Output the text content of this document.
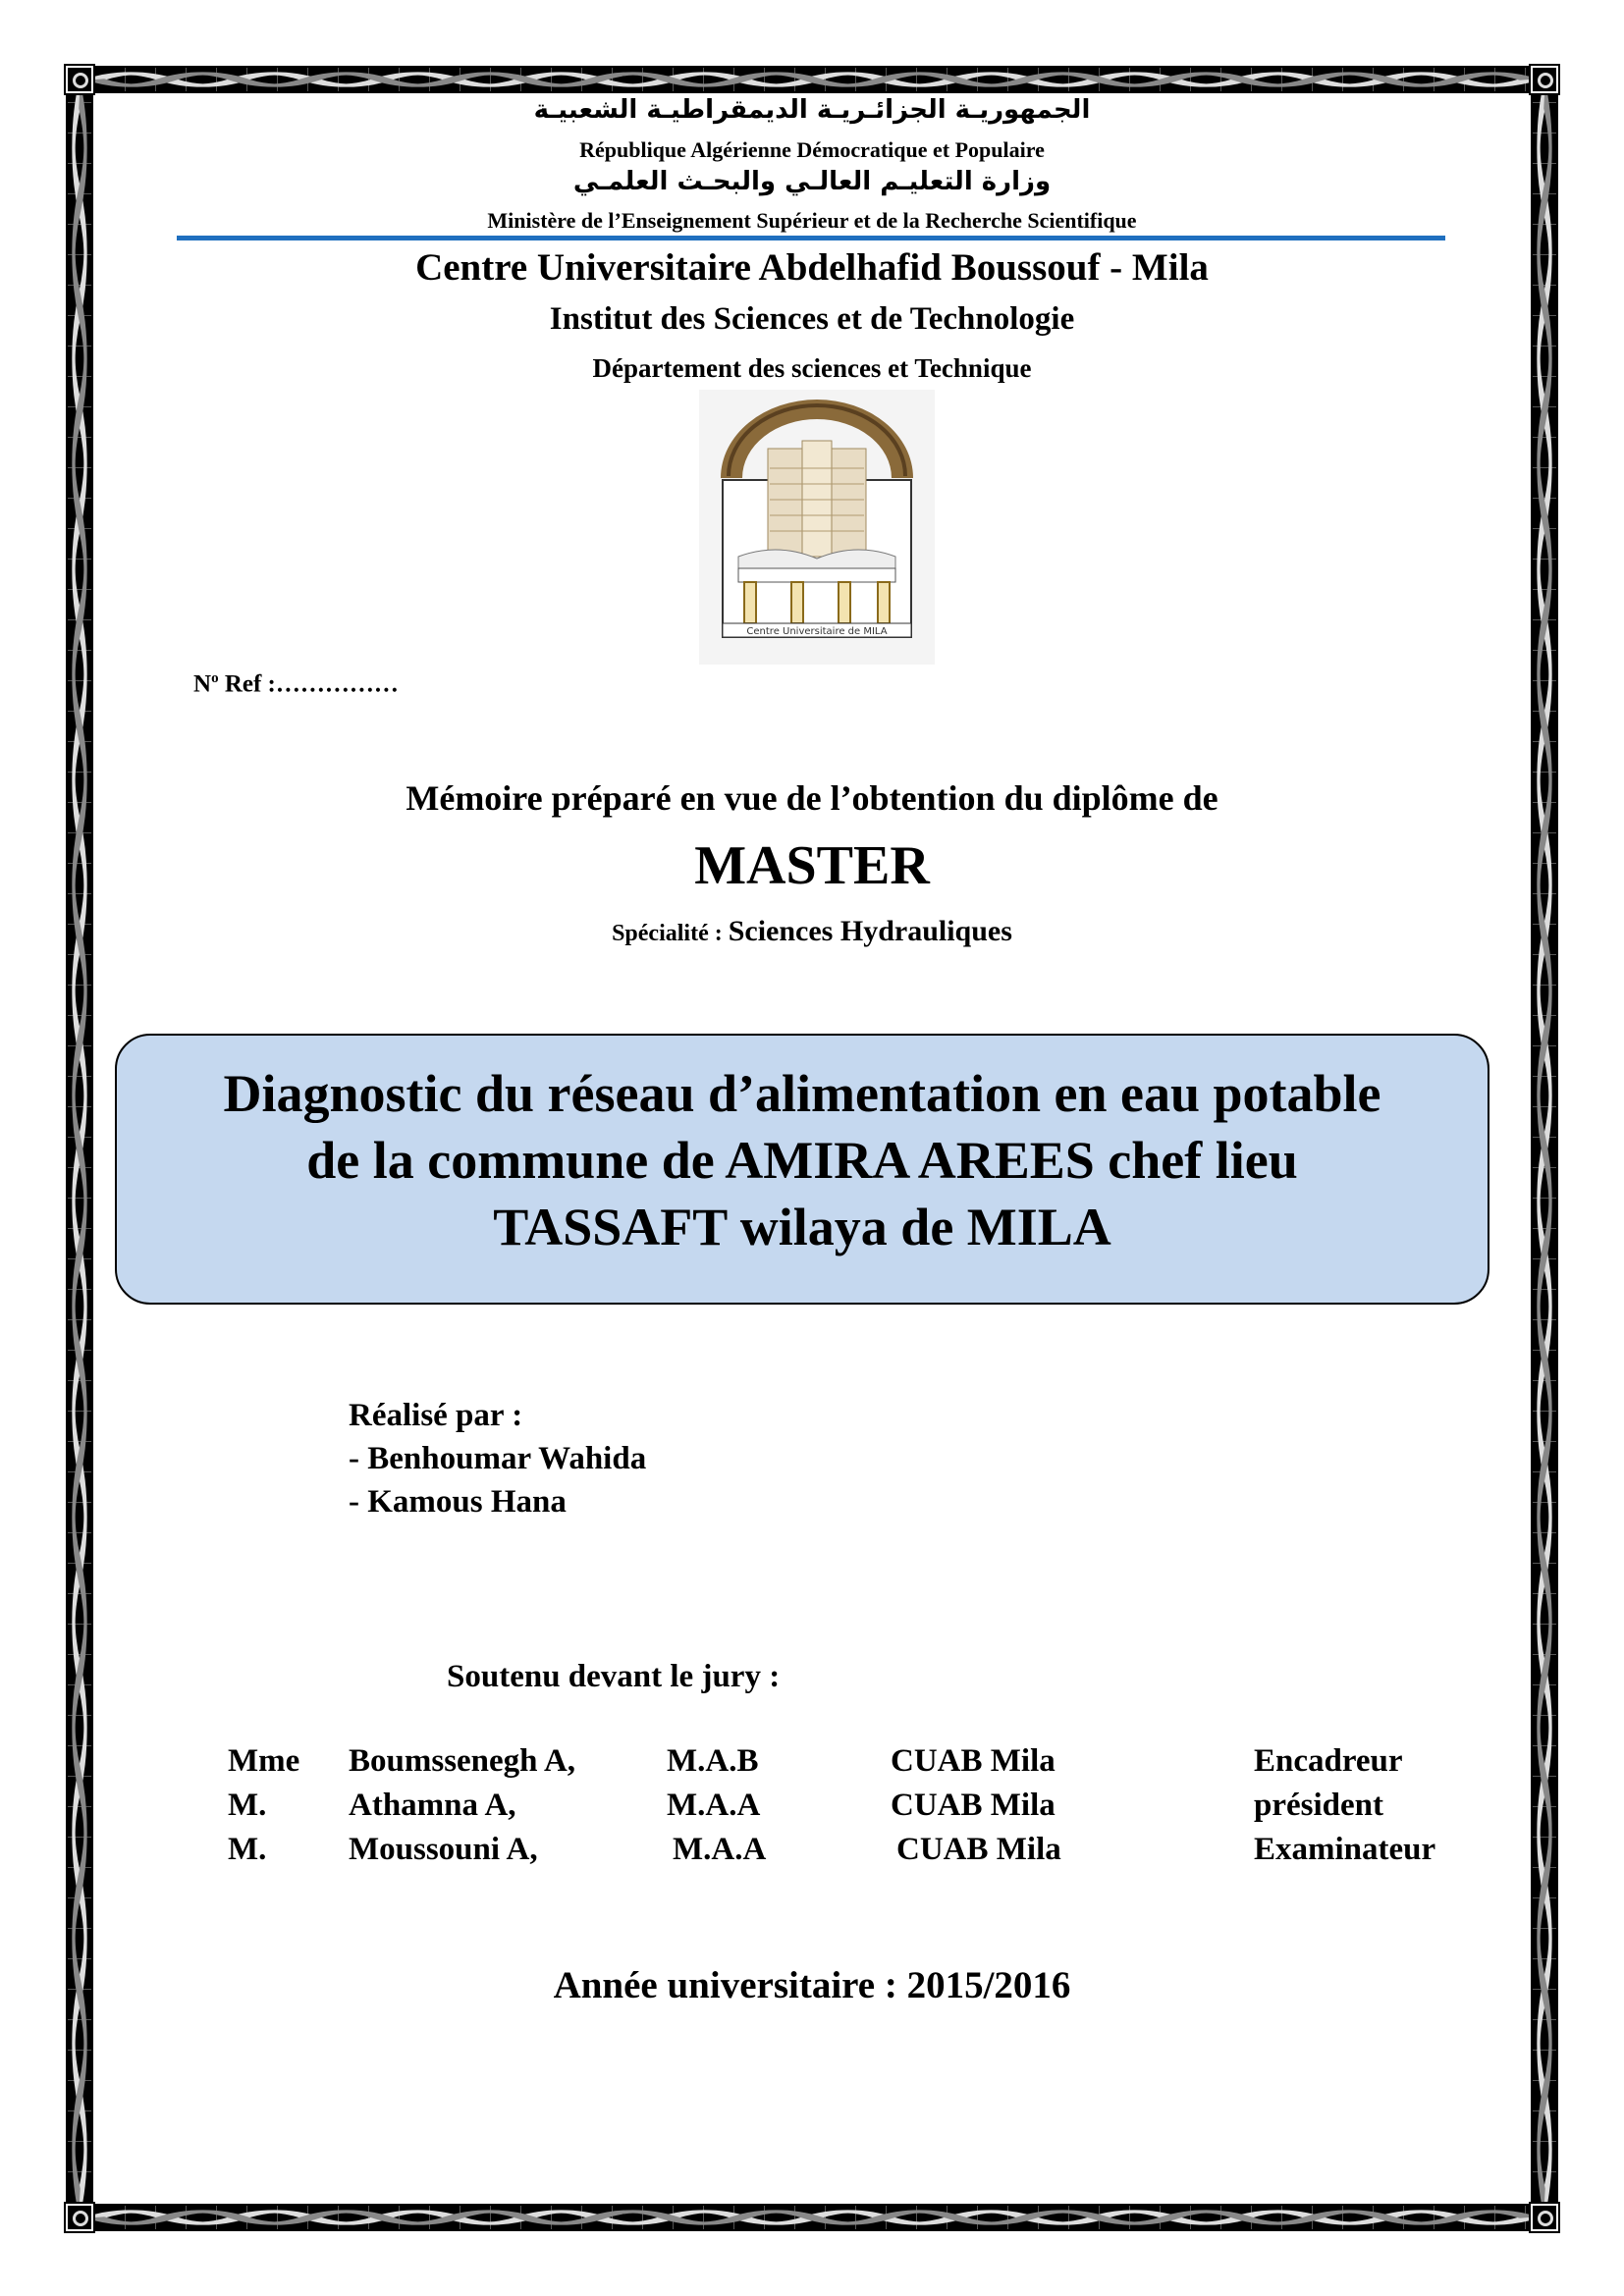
الجمهوريـة الجزائـريـة الديمقراطيـة الشعبيـة
République Algérienne Démocratique et Populaire
وزارة التعليـم العالـي والبحـث العلمـي
Ministère de l’Enseignement Supérieur et de la Recherche Scientifique
Centre Universitaire Abdelhafid Boussouf - Mila
Institut des Sciences et de Technologie
Département des sciences et Technique
Centre Universitaire de MILA
$N^o$ Ref :……………
Mémoire préparé en vue de l’obtention du diplôme de
MASTER
Spécialité : Sciences Hydrauliques
Diagnostic du réseau d’alimentation en eau potable
de la commune de AMIRA AREES chef lieu
TASSAFT wilaya de MILA
Réalisé par :
- Benhoumar Wahida
- Kamous Hana
Soutenu devant le jury :
Mme Boumssenegh A,	M.A.B	CUAB Mila	Encadreur
M.	Athamna A,	M.A.A	CUAB Mila	président
M.	Moussouni A,	M.A.A	CUAB Mila	Examinateur
Année universitaire : 2015/2016
